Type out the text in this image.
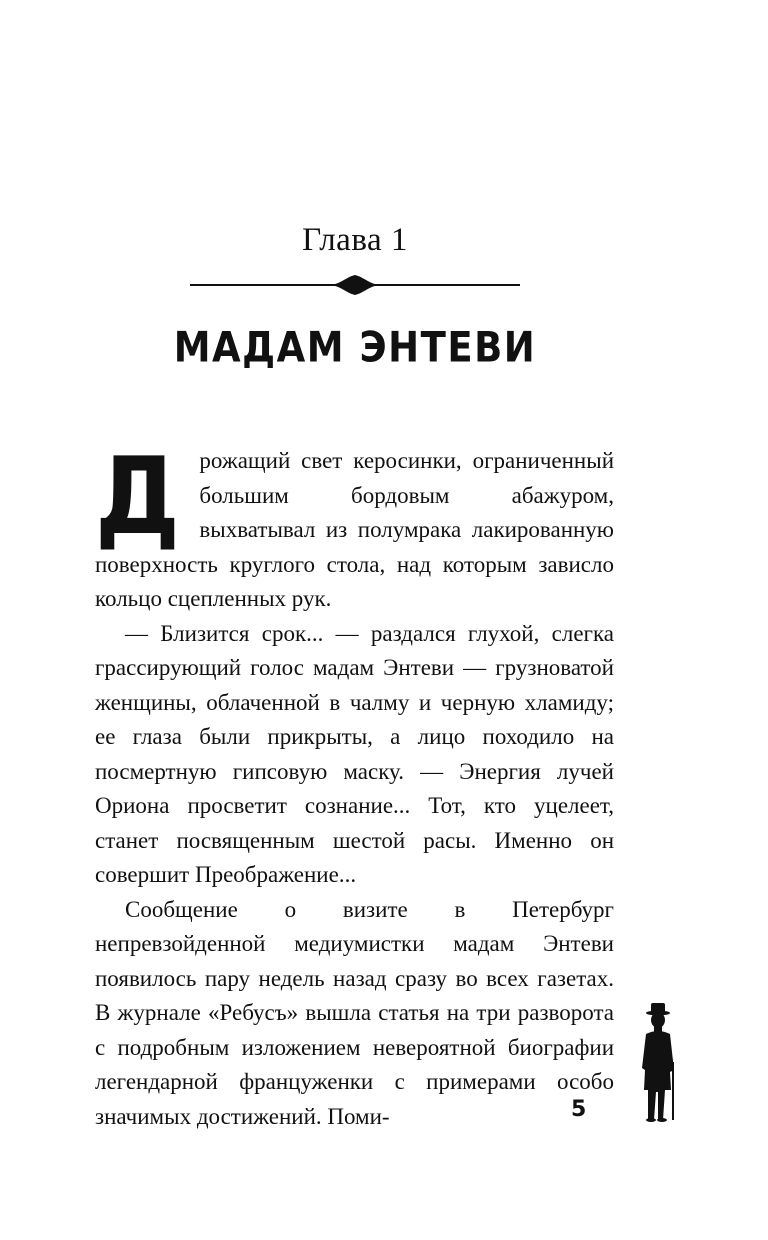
Глава 1
МАДАМ ЭНТЕВИ

Дрожащий свет керосинки, ограниченный большим бордовым абажуром, выхватывал из полумрака лакированную поверхность круглого стола, над которым зависло кольцо сцепленных рук.

— Близится срок... — раздался глухой, слегка грассирующий голос мадам Энтеви — грузноватой женщины, облаченной в чалму и черную хламиду; ее глаза были прикрыты, а лицо походило на посмертную гипсовую маску. — Энергия лучей Ориона просветит сознание... Тот, кто уцелеет, станет посвященным шестой расы. Именно он совершит Преображение...

Сообщение о визите в Петербург непревзойденной медиумистки мадам Энтеви появилось пару недель назад сразу во всех газетах. В журнале «Ребусъ» вышла статья на три разворота с подробным изложением невероятной биографии легендарной француженки с примерами особо значимых достижений. Поми-	5
